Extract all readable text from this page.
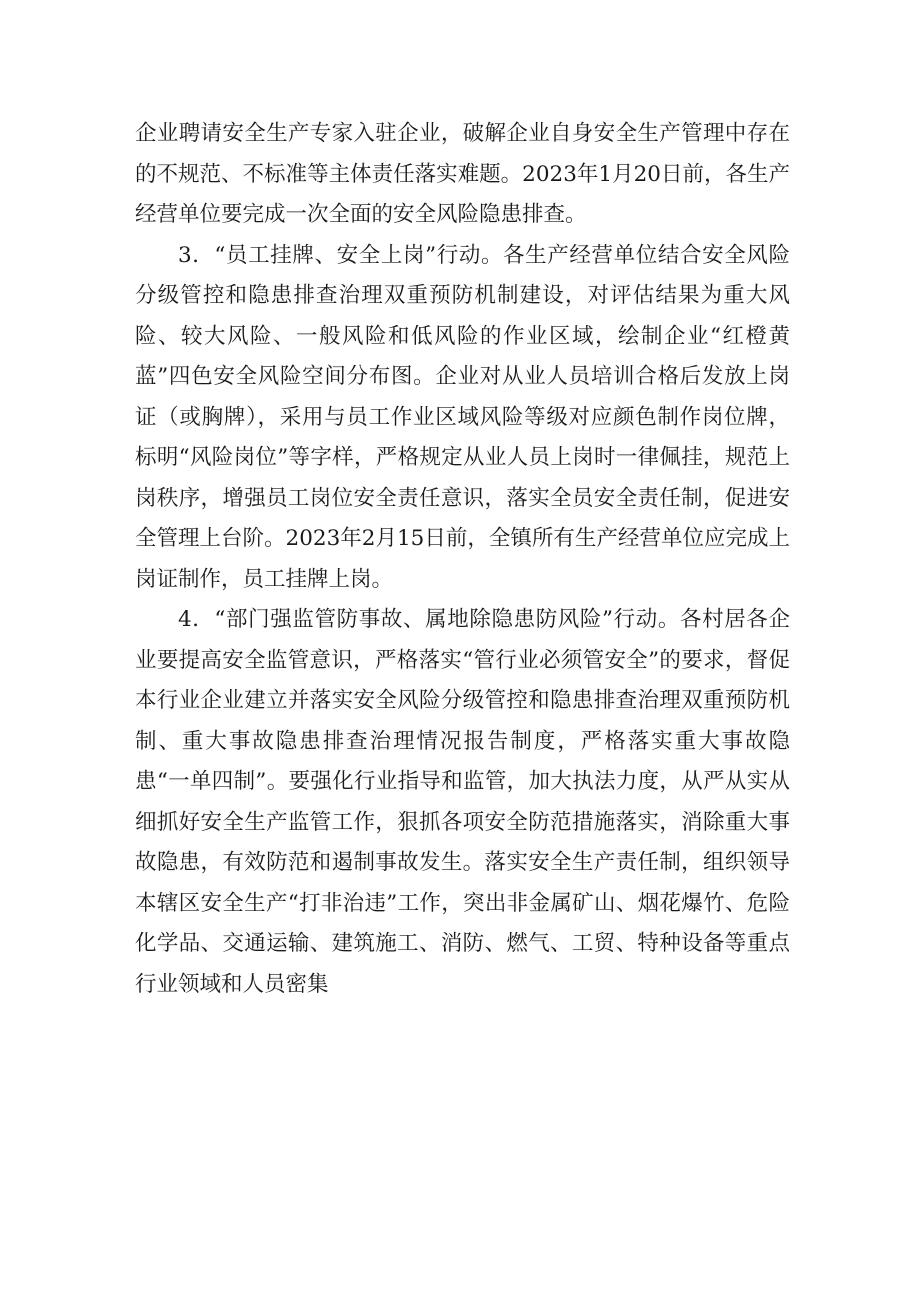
企业聘请安全生产专家入驻企业，破解企业自身安全生产管理中存在的不规范、不标准等主体责任落实难题。2023年1月20日前，各生产经营单位要完成一次全面的安全风险隐患排查。

3．“员工挂牌、安全上岗”行动。各生产经营单位结合安全风险分级管控和隐患排查治理双重预防机制建设，对评估结果为重大风险、较大风险、一般风险和低风险的作业区域，绘制企业“红橙黄蓝”四色安全风险空间分布图。企业对从业人员培训合格后发放上岗证（或胸牌），采用与员工作业区域风险等级对应颜色制作岗位牌，标明“风险岗位”等字样，严格规定从业人员上岗时一律佩挂，规范上岗秩序，增强员工岗位安全责任意识，落实全员安全责任制，促进安全管理上台阶。2023年2月15日前，全镇所有生产经营单位应完成上岗证制作，员工挂牌上岗。

4．“部门强监管防事故、属地除隐患防风险”行动。各村居各企业要提高安全监管意识，严格落实“管行业必须管安全”的要求，督促本行业企业建立并落实安全风险分级管控和隐患排查治理双重预防机制、重大事故隐患排查治理情况报告制度，严格落实重大事故隐患“一单四制”。要强化行业指导和监管，加大执法力度，从严从实从细抓好安全生产监管工作，狠抓各项安全防范措施落实，消除重大事故隐患，有效防范和遏制事故发生。落实安全生产责任制，组织领导本辖区安全生产“打非治违”工作，突出非金属矿山、烟花爆竹、危险化学品、交通运输、建筑施工、消防、燃气、工贸、特种设备等重点行业领域和人员密集
